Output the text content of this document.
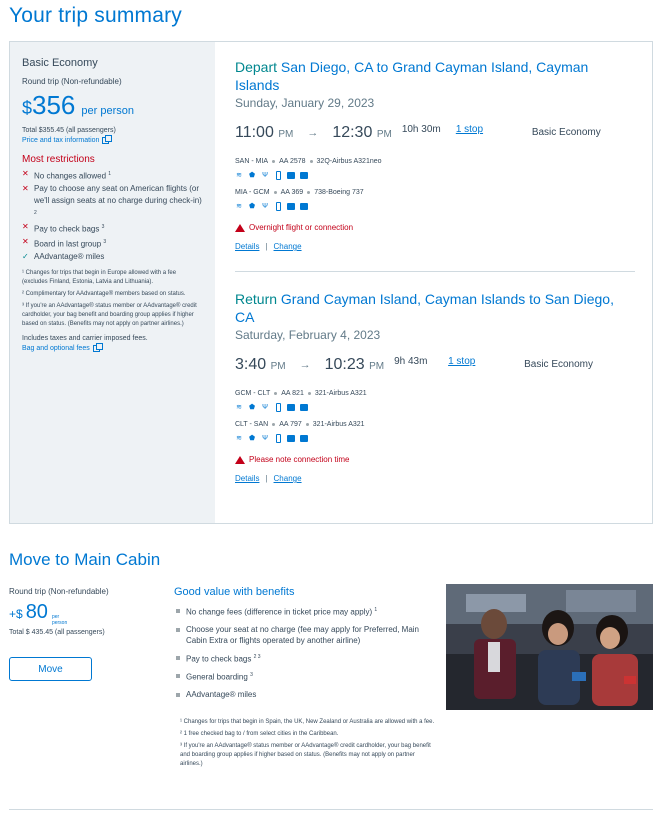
Your trip summary
Basic Economy
Round trip (Non-refundable)
$ 356 per person
Total $355.45 (all passengers)
Price and tax information
Most restrictions
✕ No changes allowed $^1$
✕ Pay to choose any seat on American flights (or we'll assign seats at no charge during check-in) $^2$
✕ Pay to check bags $^3$
✕ Board in last group $^3$
✓ AAdvantage® miles

¹ Changes for trips that begin in Europe allowed with a fee (excludes Finland, Estonia, Latvia and Lithuania).

² Complimentary for AAdvantage® members based on status.

³ If you're an AAdvantage® status member or AAdvantage® credit cardholder, your bag benefit and boarding group applies if higher based on status. (Benefits may not apply on partner airlines.)

Includes taxes and carrier imposed fees.
Bag and optional fees
Depart San Diego, CA to Grand Cayman Island, Cayman Islands
Sunday, January 29, 2023
11:00 PM → 12:30 PM 10h 30m	1 stop	Basic Economy
SAN - MIA AA 2578 32Q-Airbus A321neo
≋ ⬟ Ψ
MIA - GCM AA 369 738-Boeing 737
≋ ⬟ Ψ
Overnight flight or connection
Details | Change
Return Grand Cayman Island, Cayman Islands to San Diego, CA
Saturday, February 4, 2023
3:40 PM → 10:23 PM 9h 43m	1 stop	Basic Economy
GCM - CLT AA 821 321-Airbus A321
≋ ⬟ Ψ
CLT - SAN AA 797 321-Airbus A321
≋ ⬟ Ψ
Please note connection time
Details | Change
Move to Main Cabin
Round trip (Non-refundable)
+$ 80 per
person
Total $ 435.45 (all passengers)
Move
Good value with benefits
No change fees (difference in ticket price may apply) $^1$
Choose your seat at no charge (fee may apply for Preferred, Main Cabin Extra or flights operated by another airline)
Pay to check bags $^{2 3}$
General boarding $^3$
AAdvantage® miles

¹ Changes for trips that begin in Spain, the UK, New Zealand or Australia are allowed with a fee.

² 1 free checked bag to / from select cities in the Caribbean.

³ If you're an AAdvantage® status member or AAdvantage® credit cardholder, your bag benefit and boarding group applies if higher based on status. (Benefits may not apply on partner airlines.)
